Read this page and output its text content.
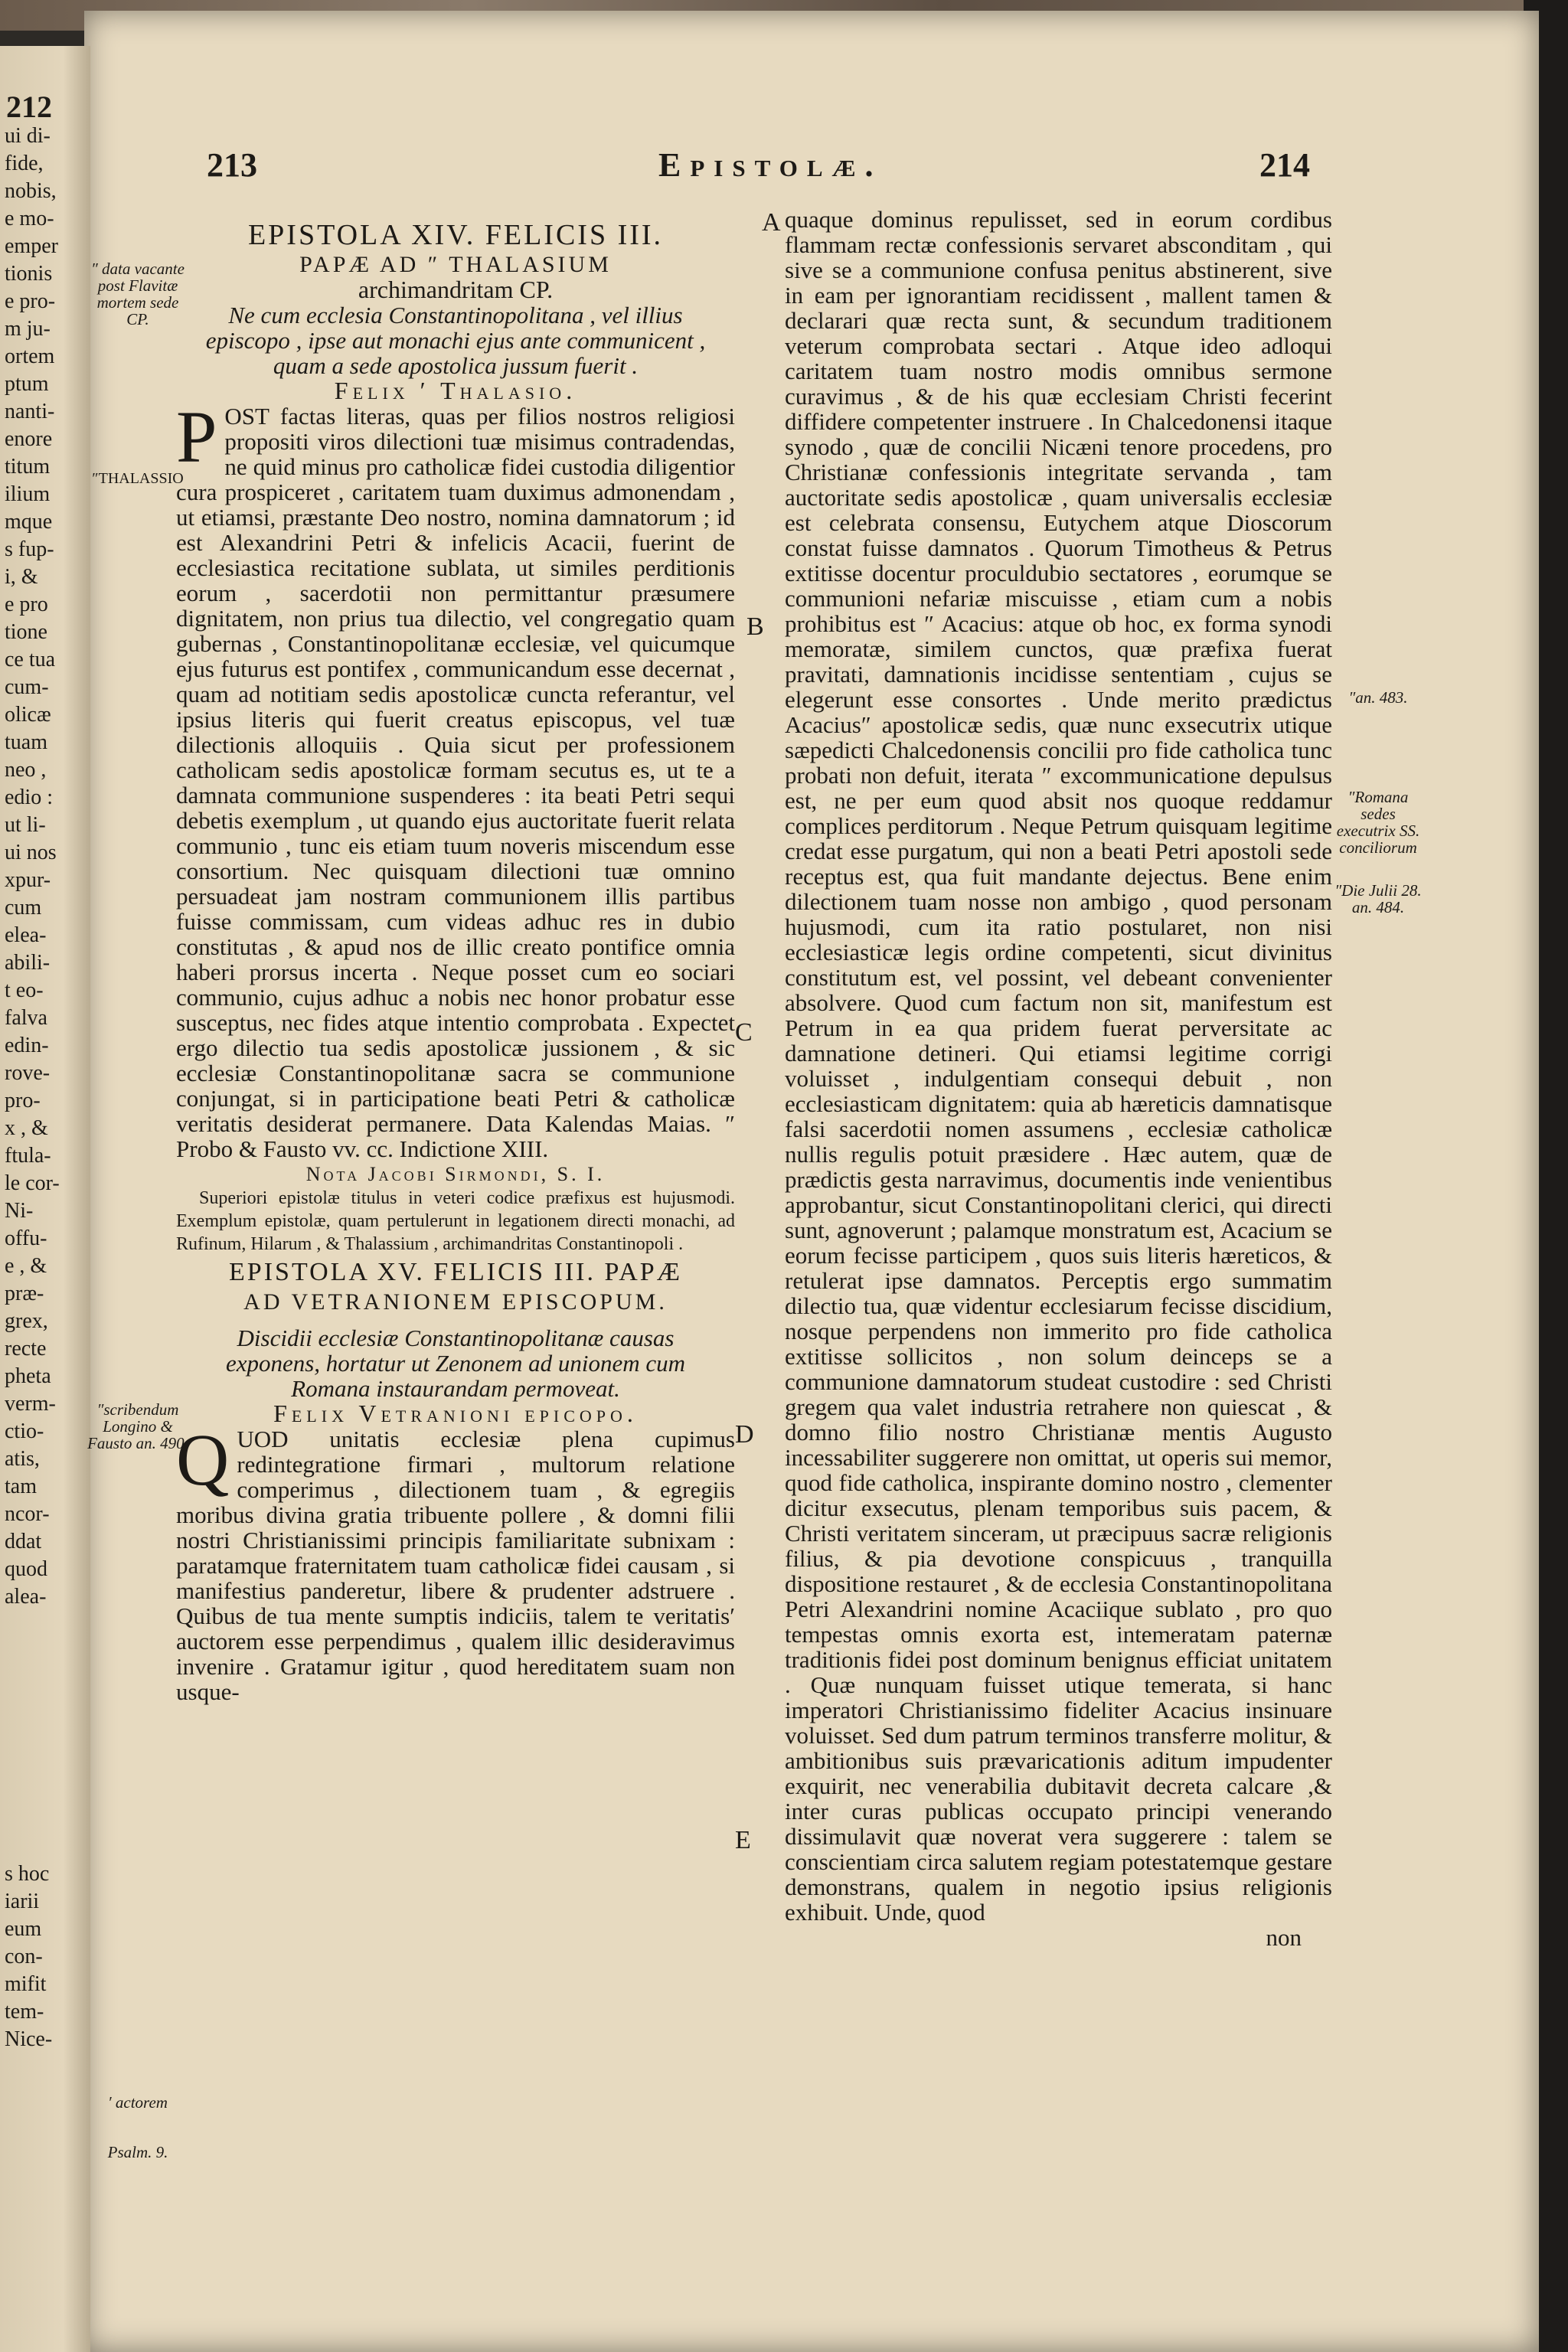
212
ui di-
fide,
nobis,
e mo-
emper
tionis
e pro-
m ju-
ortem
ptum
nanti-
enore
titum
ilium
mque
s fup-
i, &
e pro
tione
ce tua
cum-
olicæ
tuam
neo ,
edio :
ut li-
ui nos
xpur-
cum
elea-
abili-
t eo-
falva
edin-
rove-
pro-
x , &
ftula-
le cor-
Ni-
offu-
e , &
præ-
grex,
recte
pheta
verm-
ctio-
atis,
tam
ncor-
ddat
quod
alea-
s hoc
iarii
eum
con-
mifit
tem-
Nice-
213	Epistolæ.	214
″ data vacante post Flavitæ mortem sede CP.
″THALASSIO
″scribendum Longino & Fausto an. 490.
′ actorem
Psalm. 9.
″an. 483.
″Romana sedes executrix SS. conciliorum
″Die Julii 28. an. 484.
A
B
C
D
E

EPISTOLA XIV. FELICIS III.

PAPÆ AD ″ THALASIUM

archimandritam CP.

Ne cum ecclesia Constantinopolitana , vel illius episcopo , ipse aut monachi ejus ante communicent , quam a sede apostolica jussum fuerit .

Felix ′ Thalasio.

POST factas literas, quas per filios nostros religiosi propositi viros dilectioni tuæ misimus contradendas, ne quid minus pro catholicæ fidei custodia diligentior cura prospiceret , caritatem tuam duximus admonendam , ut etiamsi, præstante Deo nostro, nomina damnatorum ; id est Alexandrini Petri & infelicis Acacii, fuerint de ecclesiastica recitatione sublata, ut similes perditionis eorum , sacerdotii non permittantur præsumere dignitatem, non prius tua dilectio, vel congregatio quam gubernas , Constantinopolitanæ ecclesiæ, vel quicumque ejus futurus est pontifex , communicandum esse decernat , quam ad notitiam sedis apostolicæ cuncta referantur, vel ipsius literis qui fuerit creatus episcopus, vel tuæ dilectionis alloquiis . Quia sicut per professionem catholicam sedis apostolicæ formam secutus es, ut te a damnata communione suspenderes : ita beati Petri sequi debetis exemplum , ut quando ejus auctoritate fuerit relata communio , tunc eis etiam tuum noveris miscendum esse consortium. Nec quisquam dilectioni tuæ omnino persuadeat jam nostram communionem illis partibus fuisse commissam, cum videas adhuc res in dubio constitutas , & apud nos de illic creato pontifice omnia haberi prorsus incerta . Neque posset cum eo sociari communio, cujus adhuc a nobis nec honor probatur esse susceptus, nec fides atque intentio comprobata . Expectet ergo dilectio tua sedis apostolicæ jussionem , & sic ecclesiæ Constantinopolitanæ sacra se communione conjungat, si in participatione beati Petri & catholicæ veritatis desiderat permanere. Data Kalendas Maias. ″ Probo & Fausto vv. cc. Indictione XIII.

Nota Jacobi Sirmondi, S. I.

Superiori epistolæ titulus in veteri codice præfixus est hujusmodi. Exemplum epistolæ, quam pertulerunt in legationem directi monachi, ad Rufinum, Hilarum , & Thalassium , archimandritas Constantinopoli .

EPISTOLA XV. FELICIS III. PAPÆ

AD VETRANIONEM EPISCOPUM.

Discidii ecclesiæ Constantinopolitanæ causas exponens, hortatur ut Zenonem ad unionem cum Romana instaurandam permoveat.

Felix Vetranioni epicopo.

QUOD unitatis ecclesiæ plena cupimus redintegratione firmari , multorum relatione comperimus , dilectionem tuam , & egregiis moribus divina gratia tribuente pollere , & domni filii nostri Christianissimi principis familiaritate subnixam : paratamque fraternitatem tuam catholicæ fidei causam , si manifestius panderetur, libere & prudenter adstruere . Quibus de tua mente sumptis indiciis, talem te veritatis′ auctorem esse perpendimus , qualem illic desideravimus invenire . Gratamur igitur , quod hereditatem suam non usque-

quaque dominus repulisset, sed in eorum cordibus flammam rectæ confessionis servaret absconditam , qui sive se a communione confusa penitus abstinerent, sive in eam per ignorantiam recidissent , mallent tamen & declarari quæ recta sunt, & secundum traditionem veterum comprobata sectari . Atque ideo adloqui caritatem tuam nostro modis omnibus sermone curavimus , & de his quæ ecclesiam Christi fecerint diffidere competenter instruere . In Chalcedonensi itaque synodo , quæ de concilii Nicæni tenore procedens, pro Christianæ confessionis integritate servanda , tam auctoritate sedis apostolicæ , quam universalis ecclesiæ est celebrata consensu, Eutychem atque Dioscorum constat fuisse damnatos . Quorum Timotheus & Petrus extitisse docentur proculdubio sectatores , eorumque se communioni nefariæ miscuisse , etiam cum a nobis prohibitus est ″ Acacius: atque ob hoc, ex forma synodi memoratæ, similem cunctos, quæ præfixa fuerat pravitati, damnationis incidisse sententiam , cujus se elegerunt esse consortes . Unde merito prædictus Acacius″ apostolicæ sedis, quæ nunc exsecutrix utique sæpedicti Chalcedonensis concilii pro fide catholica tunc probati non defuit, iterata ″ excommunicatione depulsus est, ne per eum quod absit nos quoque reddamur complices perditorum . Neque Petrum quisquam legitime credat esse purgatum, qui non a beati Petri apostoli sede receptus est, qua fuit mandante dejectus. Bene enim dilectionem tuam nosse non ambigo , quod personam hujusmodi, cum ita ratio postularet, non nisi ecclesiasticæ legis ordine competenti, sicut divinitus constitutum est, vel possint, vel debeant convenienter absolvere. Quod cum factum non sit, manifestum est Petrum in ea qua pridem fuerat perversitate ac damnatione detineri. Qui etiamsi legitime corrigi voluisset , indulgentiam consequi debuit , non ecclesiasticam dignitatem: quia ab hæreticis damnatisque falsi sacerdotii nomen assumens , ecclesiæ catholicæ nullis regulis potuit præsidere . Hæc autem, quæ de prædictis gesta narravimus, documentis inde venientibus approbantur, sicut Constantinopolitani clerici, qui directi sunt, agnoverunt ; palamque monstratum est, Acacium se eorum fecisse participem , quos suis literis hæreticos, & retulerat ipse damnatos. Perceptis ergo summatim dilectio tua, quæ videntur ecclesiarum fecisse discidium, nosque perpendens non immerito pro fide catholica extitisse sollicitos , non solum deinceps se a communione damnatorum studeat custodire : sed Christi gregem qua valet industria retrahere non quiescat , & domno filio nostro Christianæ mentis Augusto incessabiliter suggerere non omittat, ut operis sui memor, quod fide catholica, inspirante domino nostro , clementer dicitur exsecutus, plenam temporibus suis pacem, & Christi veritatem sinceram, ut præcipuus sacræ religionis filius, & pia devotione conspicuus , tranquilla dispositione restauret , & de ecclesia Constantinopolitana Petri Alexandrini nomine Acaciique sublato , pro quo tempestas omnis exorta est, intemeratam paternæ traditionis fidei post dominum benignus efficiat unitatem . Quæ nunquam fuisset utique temerata, si hanc imperatori Christianissimo fideliter Acacius insinuare voluisset. Sed dum patrum terminos transferre molitur, & ambitionibus suis prævaricationis aditum impudenter exquirit, nec venerabilia dubitavit decreta calcare ,& inter curas publicas occupato principi venerando dissimulavit quæ noverat vera suggerere : talem se conscientiam circa salutem regiam potestatemque gestare demonstrans, qualem in negotio ipsius religionis exhibuit. Unde, quod

non
